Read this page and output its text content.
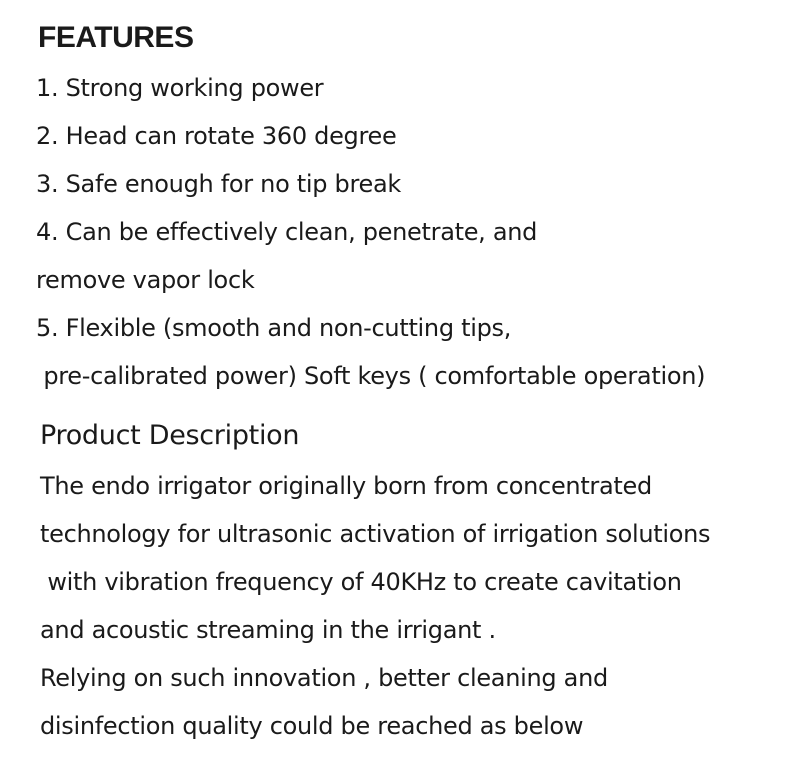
FEATURES
1. Strong working power
2. Head can rotate 360 degree
3. Safe enough for no tip break
4. Can be effectively clean, penetrate, and
remove vapor lock
5. Flexible (smooth and non-cutting tips,
pre-calibrated power) Soft keys ( comfortable operation)
Product Description
The endo irrigator originally born from concentrated
technology for ultrasonic activation of irrigation solutions
with vibration frequency of 40KHz to create cavitation
and acoustic streaming in the irrigant .
Relying on such innovation , better cleaning and
disinfection quality could be reached as below
